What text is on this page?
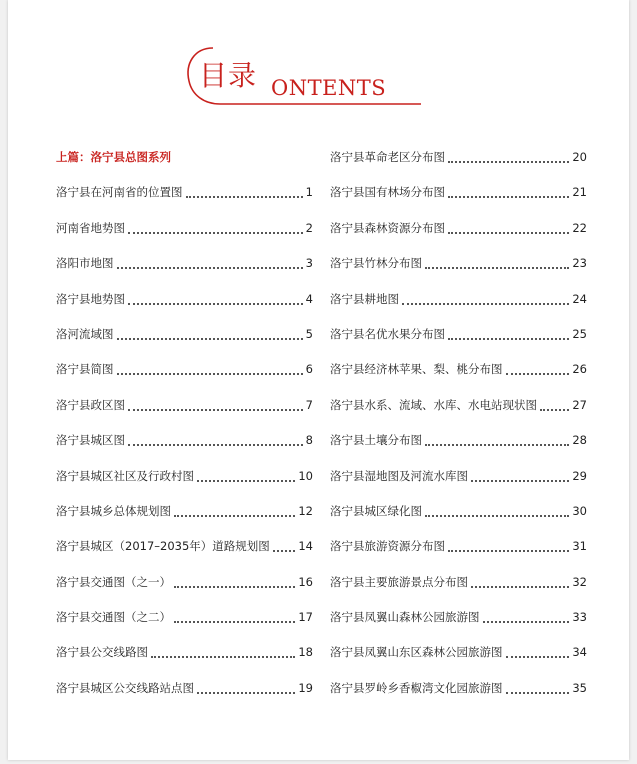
目录 ONTENTS
上篇：洛宁县总图系列
洛宁县在河南省的位置图	1
河南省地势图	2
洛阳市地图	3
洛宁县地势图	4
洛河流域图	5
洛宁县简图	6
洛宁县政区图	7
洛宁县城区图	8
洛宁县城区社区及行政村图	10
洛宁县城乡总体规划图	12
洛宁县城区（2017–2035年）道路规划图 14
洛宁县交通图（之一）	16
洛宁县交通图（之二）	17
洛宁县公交线路图	18
洛宁县城区公交线路站点图	19
洛宁县革命老区分布图	20
洛宁县国有林场分布图	21
洛宁县森林资源分布图	22
洛宁县竹林分布图	23
洛宁县耕地图	24
洛宁县名优水果分布图	25
洛宁县经济林苹果、梨、桃分布图	26
洛宁县水系、流域、水库、水电站现状图	27
洛宁县土壤分布图	28
洛宁县湿地图及河流水库图	29
洛宁县城区绿化图	30
洛宁县旅游资源分布图	31
洛宁县主要旅游景点分布图	32
洛宁县凤翼山森林公园旅游图	33
洛宁县凤翼山东区森林公园旅游图	34
洛宁县罗岭乡香椒湾文化园旅游图	35
